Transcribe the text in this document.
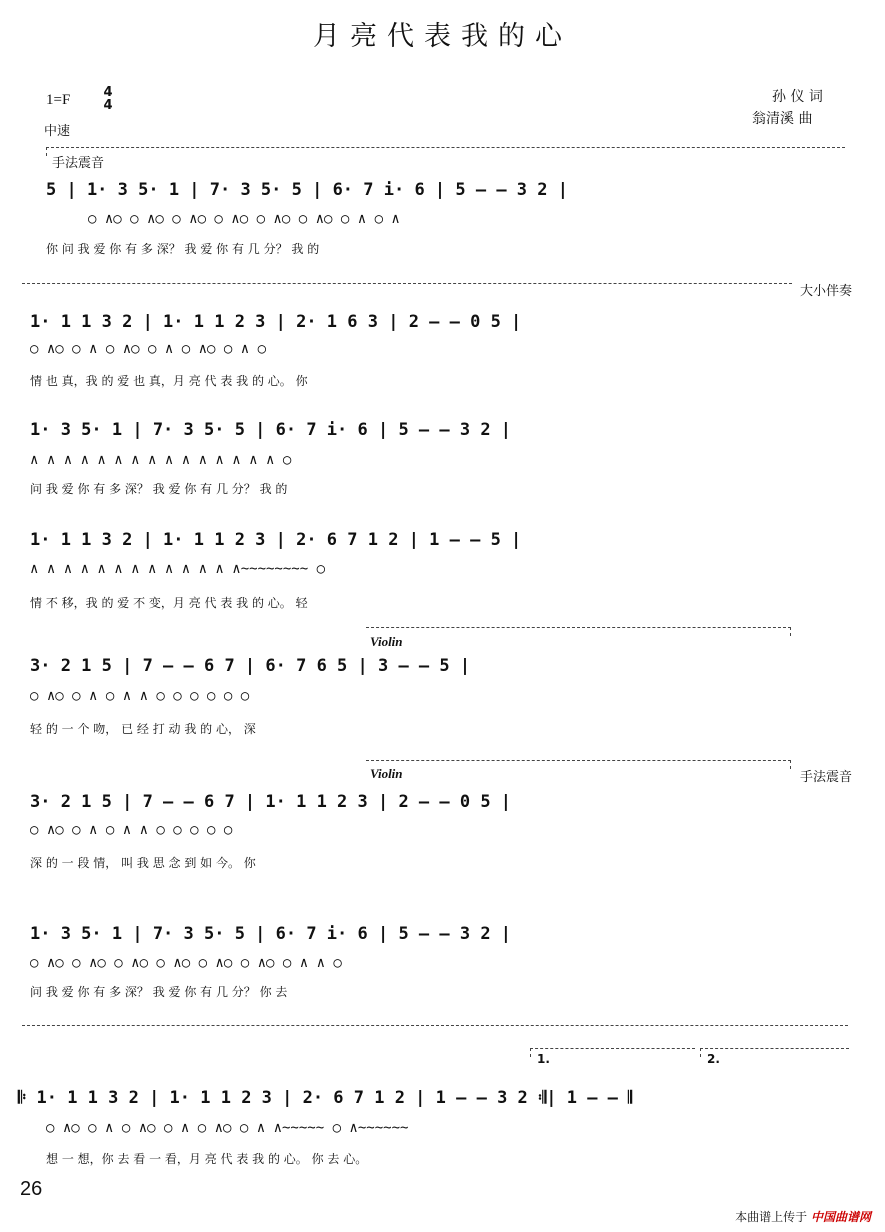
月亮代表我的心
1=F	4
4
中速
孙 仪 词
翁清溪 曲
手法震音
5 | 1· 3 5· 1 | 7· 3 5· 5 | 6· 7 i· 6 | 5 — — 3 2 |
○ ∧○ ○ ∧○ ○ ∧○ ○ ∧○ ○ ∧○ ○ ∧○ ○ ∧ ○ ∧
你 问 我 爱 你 有 多 深？ 我 爱 你 有 几 分？ 我 的
大小伴奏
1· 1 1 3 2 | 1· 1 1 2 3 | 2· 1 6 3 | 2 — — 0 5 |
○ ∧○ ○ ∧ ○ ∧○ ○ ∧ ○ ∧○ ○ ∧ ○
情 也 真，我 的 爱 也 真，月 亮 代 表 我 的 心。 你
1· 3 5· 1 | 7· 3 5· 5 | 6· 7 i· 6 | 5 — — 3 2 |
∧ ∧ ∧ ∧ ∧ ∧ ∧ ∧ ∧ ∧ ∧ ∧ ∧ ∧ ∧ ○
问 我 爱 你 有 多 深？ 我 爱 你 有 几 分？ 我 的
1· 1 1 3 2 | 1· 1 1 2 3 | 2· 6 7 1 2 | 1 — — 5 |
∧ ∧ ∧ ∧ ∧ ∧ ∧ ∧ ∧ ∧ ∧ ∧ ∧~~~~~~~~ ○
情 不 移，我 的 爱 不 变，月 亮 代 表 我 的 心。 轻
Violin
3· 2 1 5 | 7 — — 6 7 | 6· 7 6 5 | 3 — — 5 |
○ ∧○ ○ ∧ ○ ∧ ∧ ○ ○ ○ ○ ○ ○
轻 的 一 个 吻， 已 经 打 动 我 的 心， 深
Violin	手法震音
3· 2 1 5 | 7 — — 6 7 | 1· 1 1 2 3 | 2 — — 0 5 |
○ ∧○ ○ ∧ ○ ∧ ∧ ○ ○ ○ ○ ○
深 的 一 段 情， 叫 我 思 念 到 如 今。 你
1· 3 5· 1 | 7· 3 5· 5 | 6· 7 i· 6 | 5 — — 3 2 |
○ ∧○ ○ ∧○ ○ ∧○ ○ ∧○ ○ ∧○ ○ ∧○ ○ ∧ ∧ ○
问 我 爱 你 有 多 深？ 我 爱 你 有 几 分？ 你 去
1.	2.
𝄆 1· 1 1 3 2 | 1· 1 1 2 3 | 2· 6 7 1 2 | 1 — — 3 2 𝄇| 1 — — 𝄂
○ ∧○ ○ ∧ ○ ∧○ ○ ∧ ○ ∧○ ○ ∧ ∧~~~~~ ○ ∧~~~~~~
想 一 想，你 去 看 一 看，月 亮 代 表 我 的 心。 你 去 心。
26
本曲谱上传于 中国曲谱网
